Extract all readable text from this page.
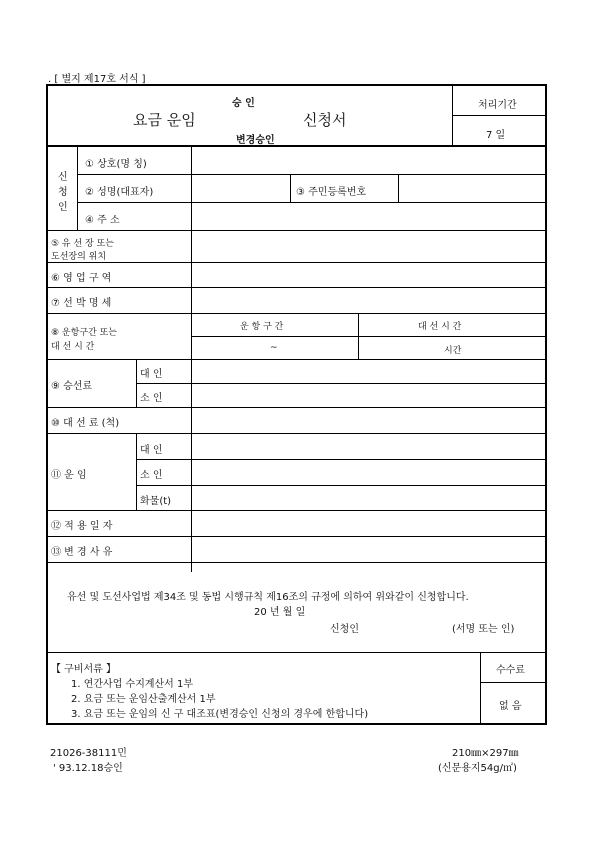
. [ 별지 제17호 서식 ]
승 인
요금 운임	신청서
변경승인
처리기간
7 일
신
청
인
① 상호(명 칭)
② 성명(대표자)	③ 주민등록번호
④ 주 소
⑤ 유 선 장 또는
도선장의 위치
⑥ 영 업 구 역
⑦ 선 박 명 세
⑧ 운항구간 또는
대 선 시 간
운 항 구 간	대 선 시 간
~	시간
⑨ 승선료
대 인
소 인
⑩ 대 선 료 (척)
⑪ 운 임
대 인
소 인
화물(t)
⑫ 적 용 일 자
⑬ 변 경 사 유
유선 및 도선사업법 제34조 및 동법 시행규칙 제16조의 규정에 의하여 위와같이 신청합니다.
20 년 월 일
신청인	(서명 또는 인)
【 구비서류 】
1. 연간사업 수지계산서 1부
2. 요금 또는 운임산출계산서 1부
3. 요금 또는 운임의 신 구 대조표(변경승인 신청의 경우에 한합니다)
수수료
없 음
21026-38111민
' 93.12.18승인
210㎜×297㎜
(신문용지54g/㎡)
